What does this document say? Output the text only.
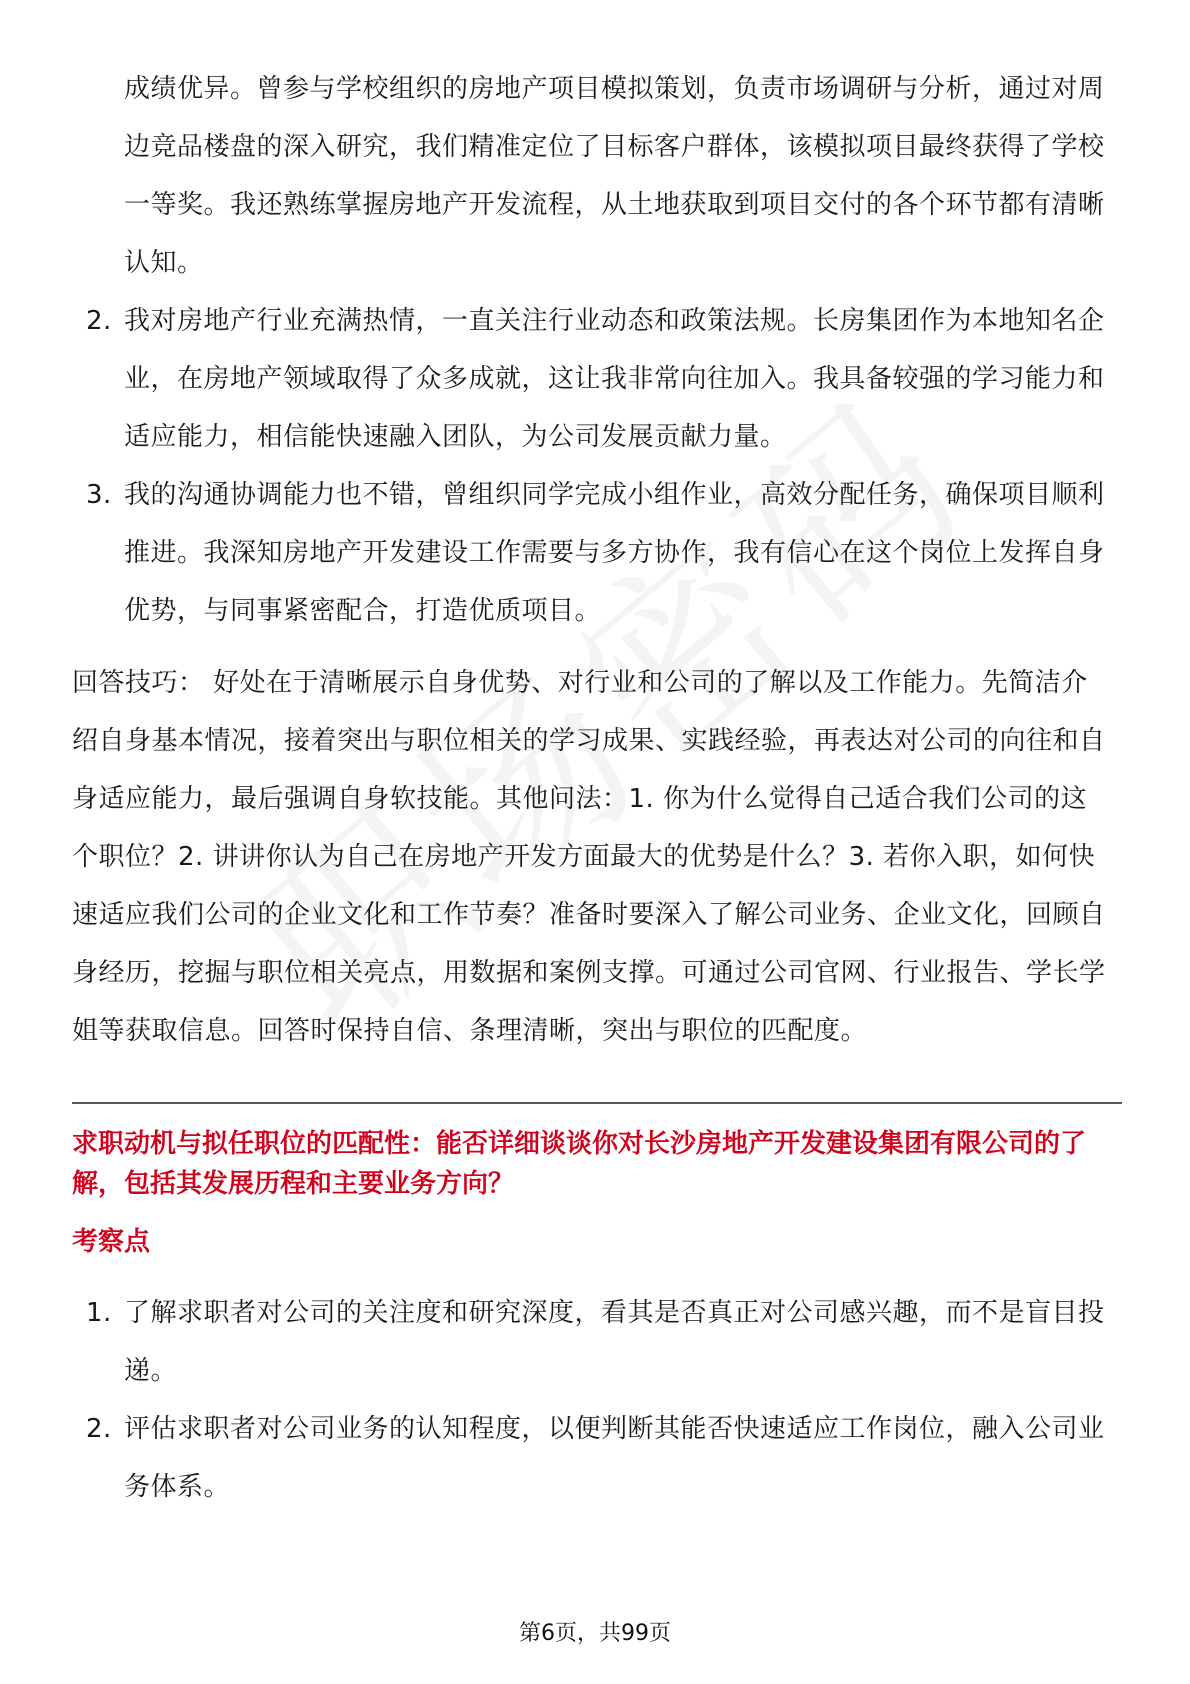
成绩优异。曾参与学校组织的房地产项目模拟策划，负责市场调研与分析，通过对周边竞品楼盘的深入研究，我们精准定位了目标客户群体，该模拟项目最终获得了学校一等奖。我还熟练掌握房地产开发流程，从土地获取到项目交付的各个环节都有清晰认知。

2. 我对房地产行业充满热情，一直关注行业动态和政策法规。长房集团作为本地知名企业，在房地产领域取得了众多成就，这让我非常向往加入。我具备较强的学习能力和适应能力，相信能快速融入团队，为公司发展贡献力量。
3. 我的沟通协调能力也不错，曾组织同学完成小组作业，高效分配任务，确保项目顺利推进。我深知房地产开发建设工作需要与多方协作，我有信心在这个岗位上发挥自身优势，与同事紧密配合，打造优质项目。
回答技巧： 好处在于清晰展示自身优势、对行业和公司的了解以及工作能力。先简洁介绍自身基本情况，接着突出与职位相关的学习成果、实践经验，再表达对公司的向往和自身适应能力，最后强调自身软技能。其他问法：1. 你为什么觉得自己适合我们公司的这个职位？2. 讲讲你认为自己在房地产开发方面最大的优势是什么？3. 若你入职，如何快速适应我们公司的企业文化和工作节奏？准备时要深入了解公司业务、企业文化，回顾自身经历，挖掘与职位相关亮点，用数据和案例支撑。可通过公司官网、行业报告、学长学姐等获取信息。回答时保持自信、条理清晰，突出与职位的匹配度。
求职动机与拟任职位的匹配性：能否详细谈谈你对长沙房地产开发建设集团有限公司的了解，包括其发展历程和主要业务方向？
考察点
1. 了解求职者对公司的关注度和研究深度，看其是否真正对公司感兴趣，而不是盲目投递。
2. 评估求职者对公司业务的认知程度，以便判断其能否快速适应工作岗位，融入公司业务体系。
第6页，共99页
